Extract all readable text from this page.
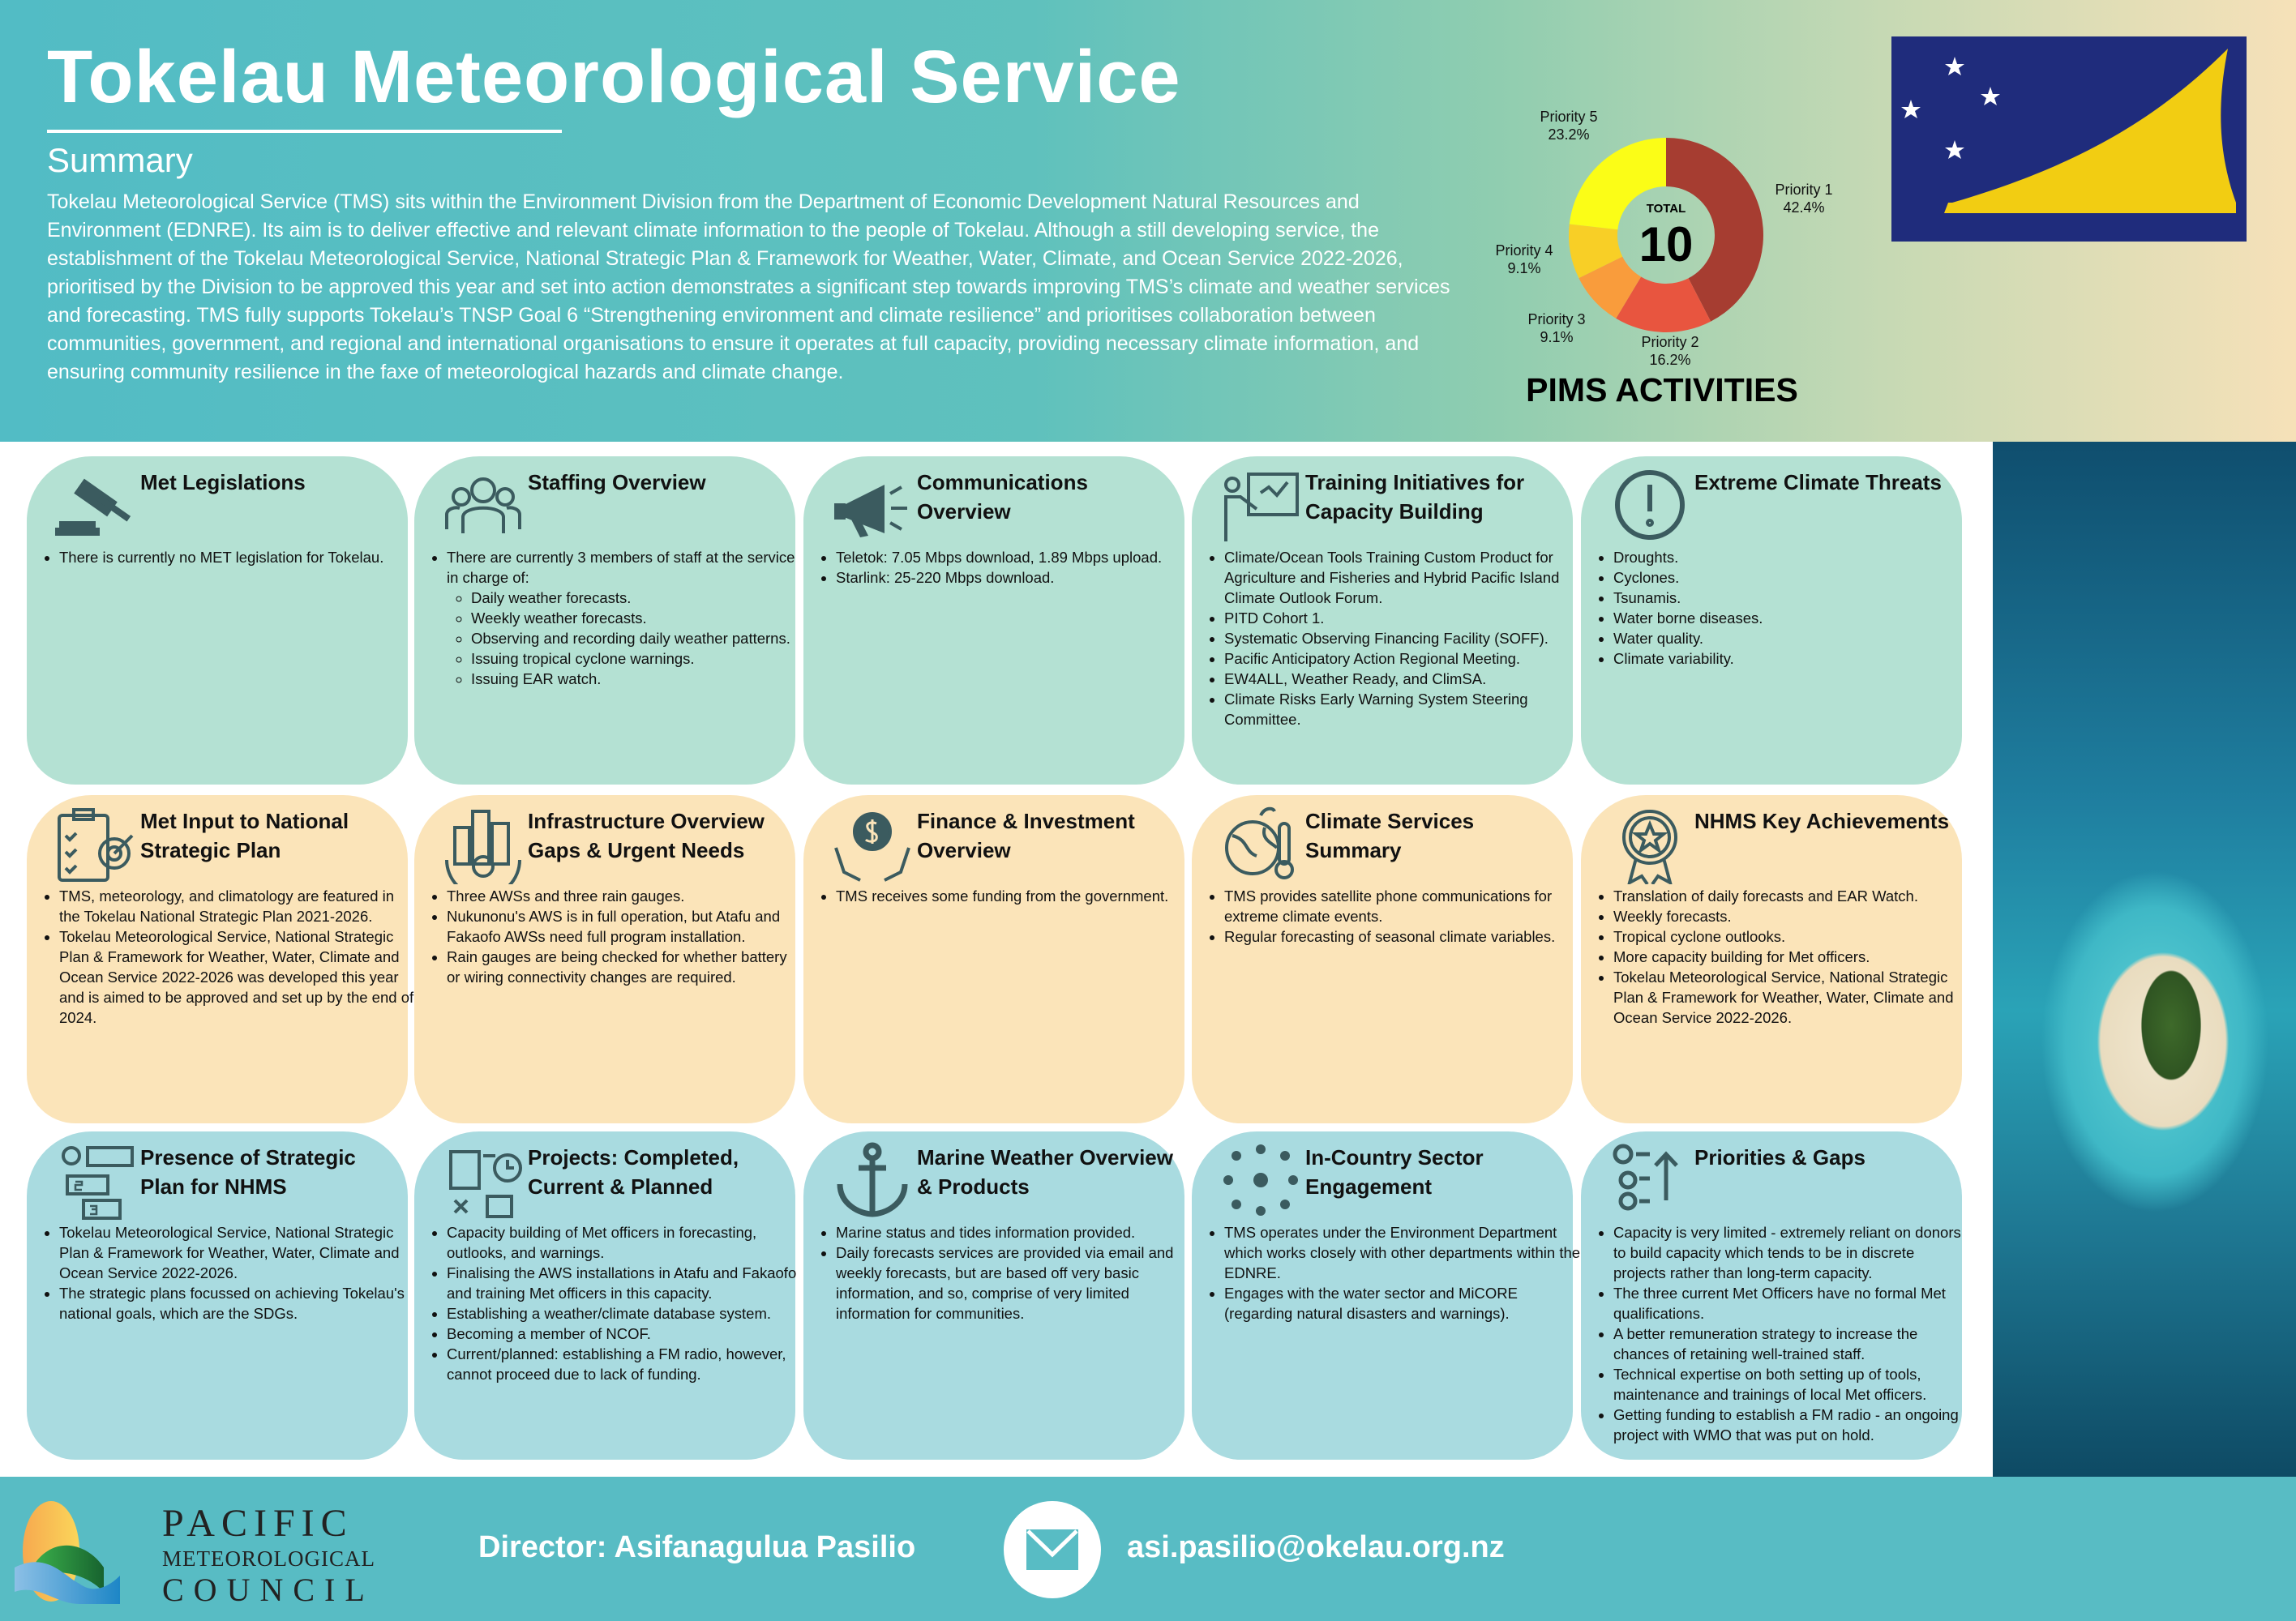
Tokelau Meteorological Service
Summary
Tokelau Meteorological Service (TMS) sits within the Environment Division from the Department of Economic Development Natural Resources and Environment (EDNRE). Its aim is to deliver effective and relevant climate information to the people of Tokelau. Although a still developing service, the establishment of the Tokelau Meteorological Service, National Strategic Plan & Framework for Weather, Water, Climate, and Ocean Service 2022-2026, prioritised by the Division to be approved this year and set into action demonstrates a significant step towards improving TMS’s climate and weather services and forecasting. TMS fully supports Tokelau’s TNSP Goal 6 “Strengthening environment and climate resilience” and prioritises collaboration between communities, government, and regional and international organisations to ensure it operates at full capacity, providing necessary climate information, and ensuring community resilience in the faxe of meteorological hazards and climate change.
Priority 1
42.4%
Priority 2
16.2%
Priority 3
9.1%
Priority 4
9.1%
Priority 5
23.2%
TOTAL
10
PIMS ACTIVITIES
Met Legislations
• There is currently no MET legislation for Tokelau.
Staffing Overview
• There are currently 3 members of staff at the service in charge of:
◦ Daily weather forecasts.
◦ Weekly weather forecasts.
◦ Observing and recording daily weather patterns.
◦ Issuing tropical cyclone warnings.
◦ Issuing EAR watch.
Communications Overview
• Teletok: 7.05 Mbps download, 1.89 Mbps upload.
• Starlink: 25-220 Mbps download.
Training Initiatives for Capacity Building
• Climate/Ocean Tools Training Custom Product for Agriculture and Fisheries and Hybrid Pacific Island Climate Outlook Forum.
• PITD Cohort 1.
• Systematic Observing Financing Facility (SOFF).
• Pacific Anticipatory Action Regional Meeting.
• EW4ALL, Weather Ready, and ClimSA.
• Climate Risks Early Warning System Steering Committee.
Extreme Climate Threats
• Droughts.
• Cyclones.
• Tsunamis.
• Water borne diseases.
• Water quality.
• Climate variability.
Met Input to National Strategic Plan
• TMS, meteorology, and climatology are featured in the Tokelau National Strategic Plan 2021-2026.
• Tokelau Meteorological Service, National Strategic Plan & Framework for Weather, Water, Climate and Ocean Service 2022-2026 was developed this year and is aimed to be approved and set up by the end of 2024.
Infrastructure Overview Gaps & Urgent Needs
• Three AWSs and three rain gauges.
• Nukunonu's AWS is in full operation, but Atafu and Fakaofo AWSs need full program installation.
• Rain gauges are being checked for whether battery or wiring connectivity changes are required.
Finance & Investment Overview
• TMS receives some funding from the government.
Climate Services Summary
• TMS provides satellite phone communications for extreme climate events.
• Regular forecasting of seasonal climate variables.
NHMS Key Achievements
• Translation of daily forecasts and EAR Watch.
• Weekly forecasts.
• Tropical cyclone outlooks.
• More capacity building for Met officers.
• Tokelau Meteorological Service, National Strategic Plan & Framework for Weather, Water, Climate and Ocean Service 2022-2026.
Presence of Strategic Plan for NHMS
• Tokelau Meteorological Service, National Strategic Plan & Framework for Weather, Water, Climate and Ocean Service 2022-2026.
• The strategic plans focussed on achieving Tokelau's national goals, which are the SDGs.
Projects: Completed, Current & Planned
• Capacity building of Met officers in forecasting, outlooks, and warnings.
• Finalising the AWS installations in Atafu and Fakaofo and training Met officers in this capacity.
• Establishing a weather/climate database system.
• Becoming a member of NCOF.
• Current/planned: establishing a FM radio, however, cannot proceed due to lack of funding.
Marine Weather Overview & Products
• Marine status and tides information provided.
• Daily forecasts services are provided via email and weekly forecasts, but are based off very basic information, and so, comprise of very limited information for communities.
In-Country Sector Engagement
• TMS operates under the Environment Department which works closely with other departments within the EDNRE.
• Engages with the water sector and MiCORE (regarding natural disasters and warnings).
Priorities & Gaps
• Capacity is very limited - extremely reliant on donors to build capacity which tends to be in discrete projects rather than long-term capacity.
• The three current Met Officers have no formal Met qualifications.
• A better remuneration strategy to increase the chances of retaining well-trained staff.
• Technical expertise on both setting up of tools, maintenance and trainings of local Met officers.
• Getting funding to establish a FM radio - an ongoing project with WMO that was put on hold.
PACIFIC
METEOROLOGICAL
COUNCIL
Director: Asifanagulua Pasilio	asi.pasilio@okelau.org.nz
